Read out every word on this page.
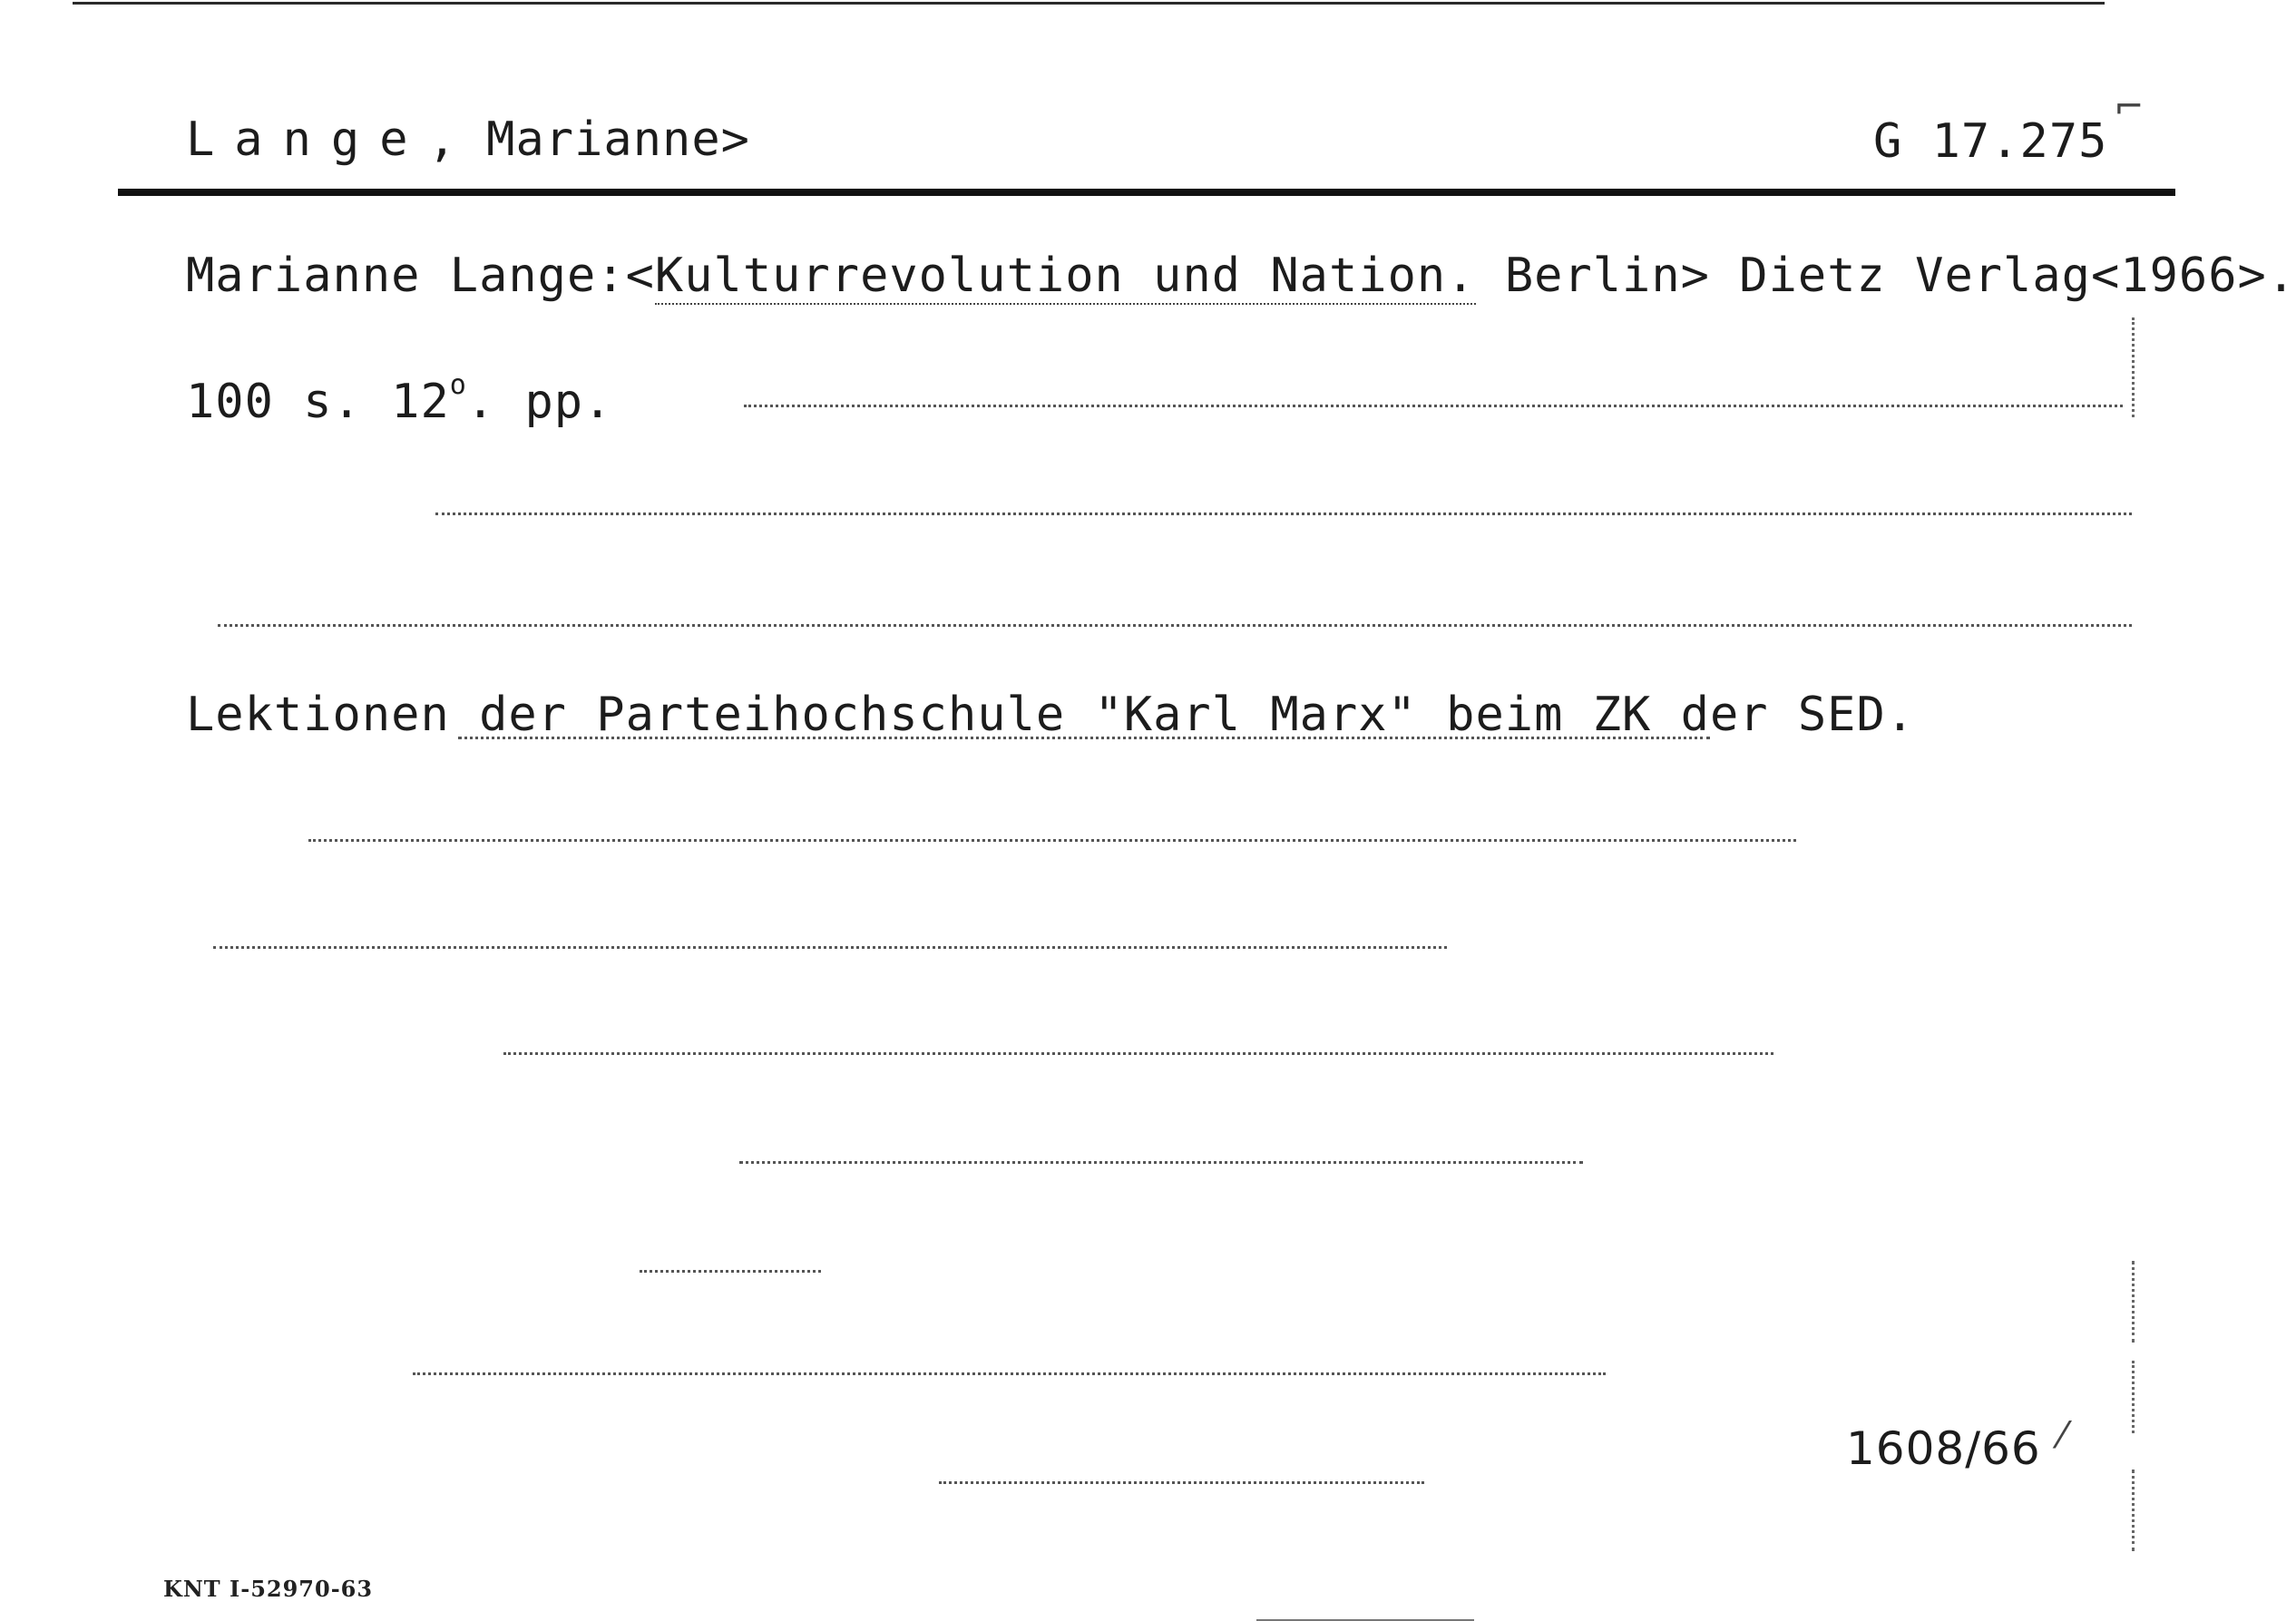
Lange, Marianne>	G 17.275
⌐
Marianne Lange:<Kulturrevolution und Nation. Berlin> Dietz Verlag<1966>.
100 s. 12$^o$. pp.
Lektionen der Parteihochschule "Karl Marx" beim ZK der SED.
1608/66 ⁄
KNT I-52970-63
